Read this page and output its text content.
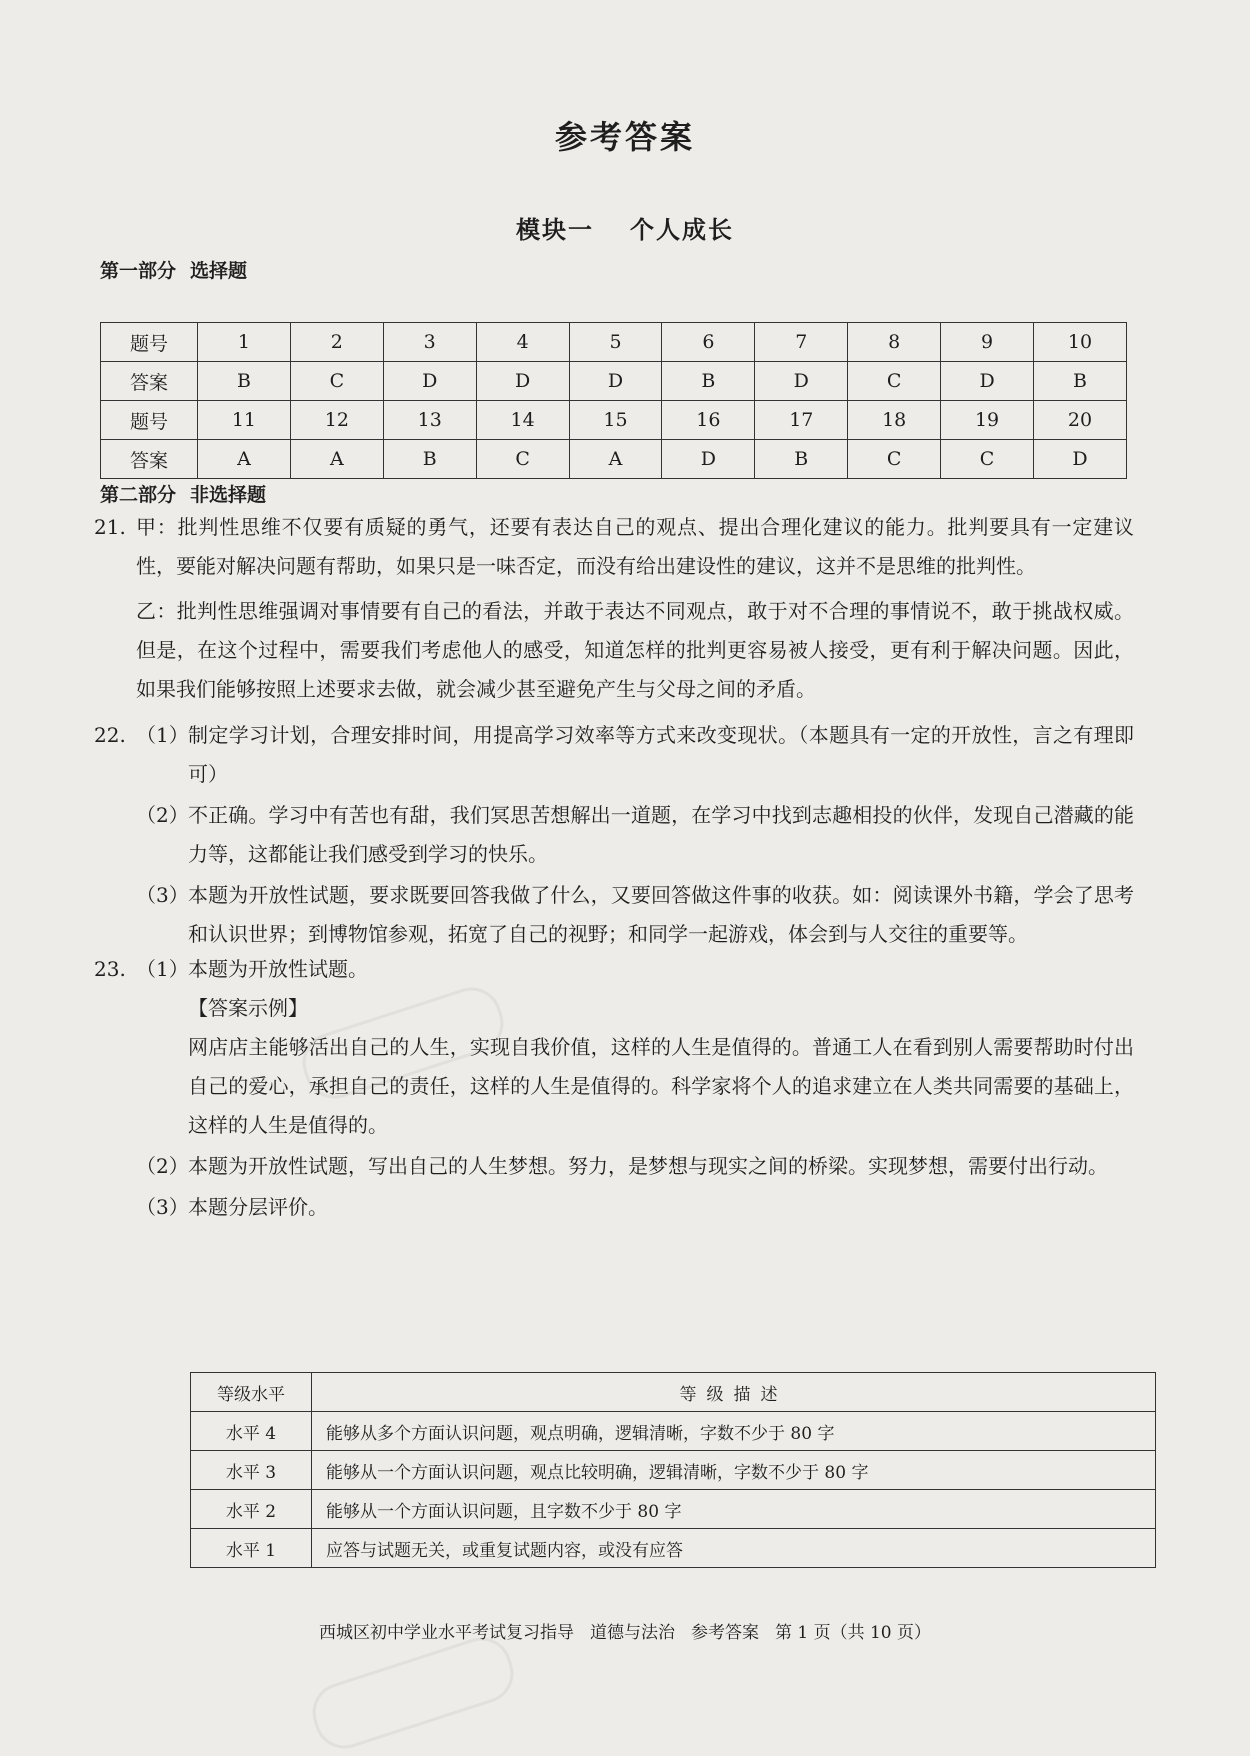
参考答案
模块一 个人成长
第一部分 选择题
题号	1	2	3	4	5	6	7	8	9	10
答案	B	C	D	D	D	B	D	C	D	B
题号	11	12	13	14	15	16	17	18	19	20
答案	A	A	B	C	A	D	B	C	C	D
第二部分 非选择题
21. 甲：批判性思维不仅要有质疑的勇气，还要有表达自己的观点、提出合理化建议的能力。批判要具有一定建议性，要能对解决问题有帮助，如果只是一味否定，而没有给出建设性的建议，这并不是思维的批判性。
乙：批判性思维强调对事情要有自己的看法，并敢于表达不同观点，敢于对不合理的事情说不，敢于挑战权威。但是，在这个过程中，需要我们考虑他人的感受，知道怎样的批判更容易被人接受，更有利于解决问题。因此，如果我们能够按照上述要求去做，就会减少甚至避免产生与父母之间的矛盾。
22. （1） 制定学习计划，合理安排时间，用提高学习效率等方式来改变现状。（本题具有一定的开放性，言之有理即可）
（2） 不正确。学习中有苦也有甜，我们冥思苦想解出一道题，在学习中找到志趣相投的伙伴，发现自己潜藏的能力等，这都能让我们感受到学习的快乐。
（3） 本题为开放性试题，要求既要回答我做了什么，又要回答做这件事的收获。如：阅读课外书籍，学会了思考和认识世界；到博物馆参观，拓宽了自己的视野；和同学一起游戏，体会到与人交往的重要等。
23. （1） 本题为开放性试题。
【答案示例】
网店店主能够活出自己的人生，实现自我价值，这样的人生是值得的。普通工人在看到别人需要帮助时付出自己的爱心，承担自己的责任，这样的人生是值得的。科学家将个人的追求建立在人类共同需要的基础上，这样的人生是值得的。
（2） 本题为开放性试题，写出自己的人生梦想。努力，是梦想与现实之间的桥梁。实现梦想，需要付出行动。
（3） 本题分层评价。
等级水平	等级描述
水平 4	能够从多个方面认识问题，观点明确，逻辑清晰，字数不少于 80 字
水平 3	能够从一个方面认识问题，观点比较明确，逻辑清晰，字数不少于 80 字
水平 2	能够从一个方面认识问题，且字数不少于 80 字
水平 1	应答与试题无关，或重复试题内容，或没有应答
西城区初中学业水平考试复习指导 道德与法治 参考答案 第 1 页（共 10 页）
